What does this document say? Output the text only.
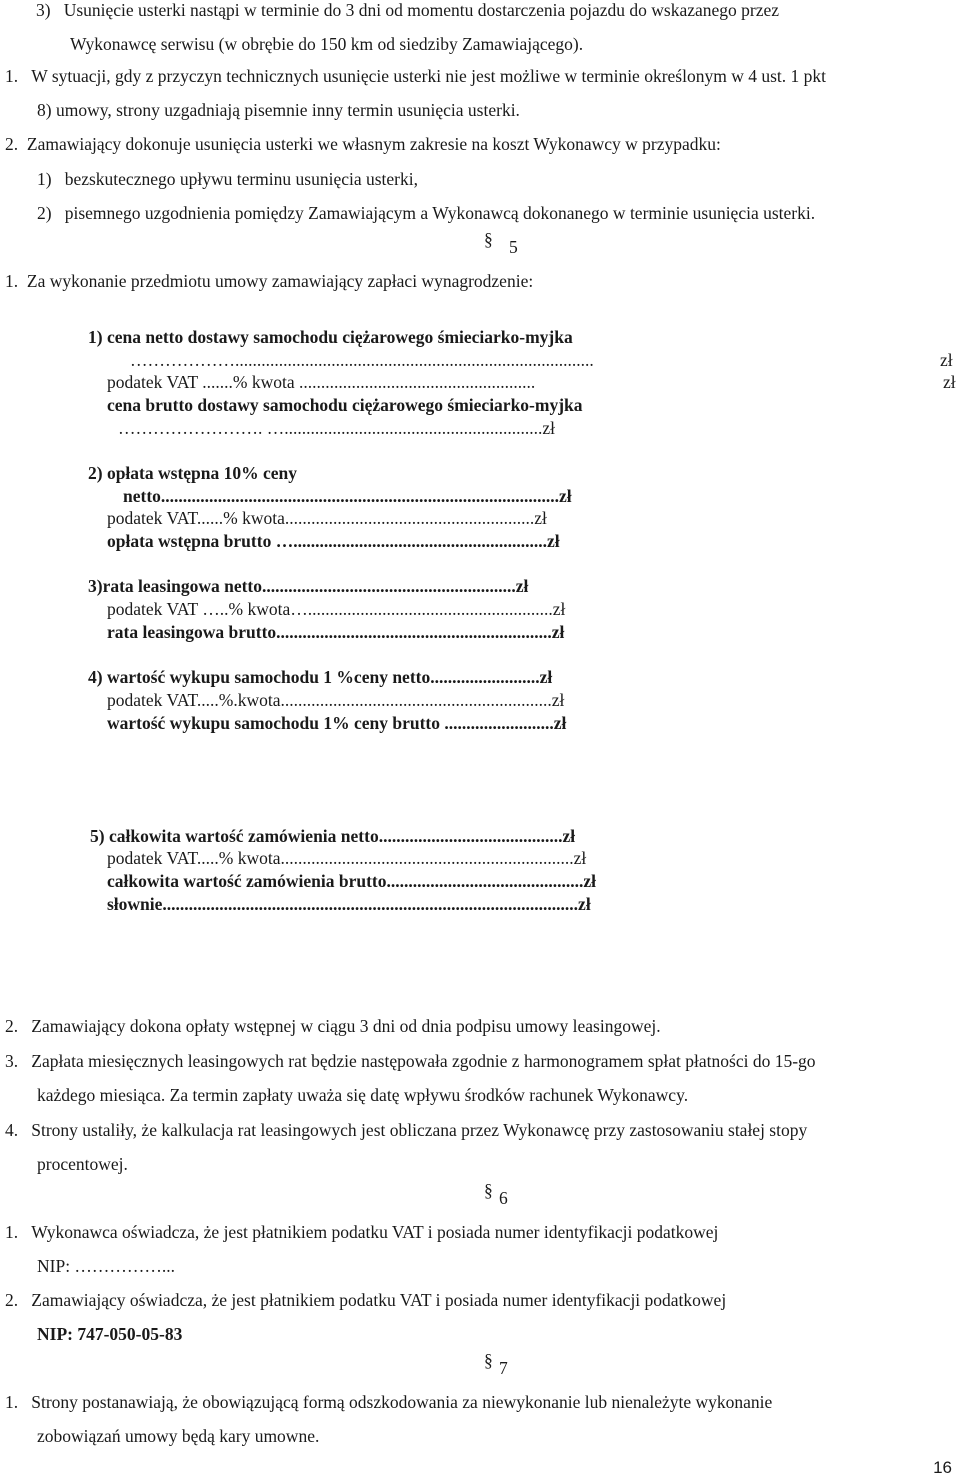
3)   Usunięcie usterki nastąpi w terminie do 3 dni od momentu dostarczenia pojazdu do wskazanego przez
Wykonawcę serwisu (w obrębie do 150 km od siedziby Zamawiającego).
1.   W sytuacji, gdy z przyczyn technicznych usunięcie usterki nie jest możliwe w terminie określonym w 4 ust. 1 pkt
8) umowy, strony uzgadniają pisemnie inny termin usunięcia usterki.
2.  Zamawiający dokonuje usunięcia usterki we własnym zakresie na koszt Wykonawcy w przypadku:
1)   bezskutecznego upływu terminu usunięcia usterki,
2)   pisemnego uzgodnienia pomiędzy Zamawiającym a Wykonawcą dokonanego w terminie usunięcia usterki.
§ 5
1.  Za wykonanie przedmiotu umowy zamawiający zapłaci wynagrodzenie:
1) cena netto dostawy samochodu ciężarowego śmieciarko-myjka
………………..................................................................................	zł
podatek VAT .......% kwota ......................................................	zł
cena brutto dostawy samochodu ciężarowego śmieciarko-myjka
……………………. …...........................................................zł
2) opłata wstępna 10% ceny
netto...........................................................................................zł
podatek VAT......% kwota.........................................................zł
opłata wstępna brutto …..........................................................zł
3)rata leasingowa netto..........................................................zł
podatek VAT …..% kwota…........................................................zł
rata leasingowa brutto...............................................................zł
4) wartość wykupu samochodu 1 %ceny netto.........................zł
podatek VAT.....%.kwota..............................................................zł
wartość wykupu samochodu 1% ceny brutto .........................zł
5) całkowita wartość zamówienia netto..........................................zł
podatek VAT.....% kwota...................................................................zł
całkowita wartość zamówienia brutto.............................................zł
słownie...............................................................................................zł
2.   Zamawiający dokona opłaty wstępnej w ciągu 3 dni od dnia podpisu umowy leasingowej.
3.   Zapłata miesięcznych leasingowych rat będzie następowała zgodnie z harmonogramem spłat płatności do 15-go
każdego miesiąca. Za termin zapłaty uważa się datę wpływu środków rachunek Wykonawcy.
4.   Strony ustaliły, że kalkulacja rat leasingowych jest obliczana przez Wykonawcę przy zastosowaniu stałej stopy
procentowej.
§ 6
1.   Wykonawca oświadcza, że jest płatnikiem podatku VAT i posiada numer identyfikacji podatkowej
NIP: ……………...
2.   Zamawiający oświadcza, że jest płatnikiem podatku VAT i posiada numer identyfikacji podatkowej
NIP: 747-050-05-83
§ 7
1.   Strony postanawiają, że obowiązującą formą odszkodowania za niewykonanie lub nienależyte wykonanie
zobowiązań umowy będą kary umowne.
16
